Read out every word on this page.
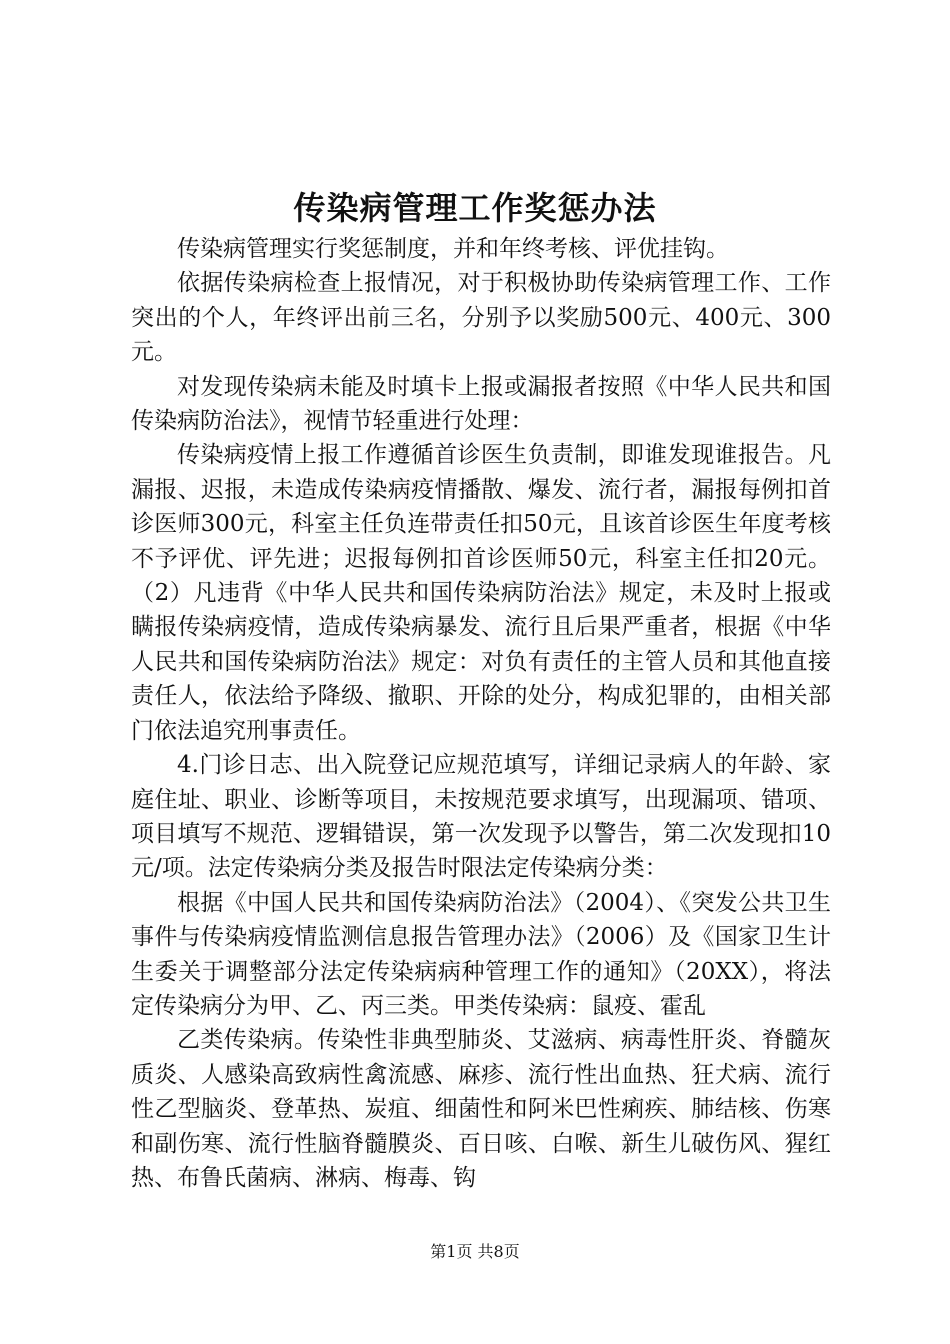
传染病管理工作奖惩办法

传染病管理实行奖惩制度，并和年终考核、评优挂钩。

依据传染病检查上报情况，对于积极协助传染病管理工作、工作突出的个人，年终评出前三名，分别予以奖励500元、400元、300元。

对发现传染病未能及时填卡上报或漏报者按照《中华人民共和国传染病防治法》，视情节轻重进行处理：

传染病疫情上报工作遵循首诊医生负责制，即谁发现谁报告。凡漏报、迟报，未造成传染病疫情播散、爆发、流行者，漏报每例扣首诊医师300元，科室主任负连带责任扣50元，且该首诊医生年度考核不予评优、评先进；迟报每例扣首诊医师50元，科室主任扣20元。（2）凡违背《中华人民共和国传染病防治法》规定，未及时上报或瞒报传染病疫情，造成传染病暴发、流行且后果严重者，根据《中华人民共和国传染病防治法》规定：对负有责任的主管人员和其他直接责任人，依法给予降级、撤职、开除的处分，构成犯罪的，由相关部门依法追究刑事责任。

4.门诊日志、出入院登记应规范填写，详细记录病人的年龄、家庭住址、职业、诊断等项目，未按规范要求填写，出现漏项、错项、项目填写不规范、逻辑错误，第一次发现予以警告，第二次发现扣10元/项。法定传染病分类及报告时限法定传染病分类：

根据《中国人民共和国传染病防治法》（2004）、《突发公共卫生事件与传染病疫情监测信息报告管理办法》（2006）及《国家卫生计生委关于调整部分法定传染病病种管理工作的通知》（20XX），将法定传染病分为甲、乙、丙三类。甲类传染病：鼠疫、霍乱

乙类传染病。传染性非典型肺炎、艾滋病、病毒性肝炎、脊髓灰质炎、人感染高致病性禽流感、麻疹、流行性出血热、狂犬病、流行性乙型脑炎、登革热、炭疽、细菌性和阿米巴性痢疾、肺结核、伤寒和副伤寒、流行性脑脊髓膜炎、百日咳、白喉、新生儿破伤风、猩红热、布鲁氏菌病、淋病、梅毒、钩

第1页 共8页
